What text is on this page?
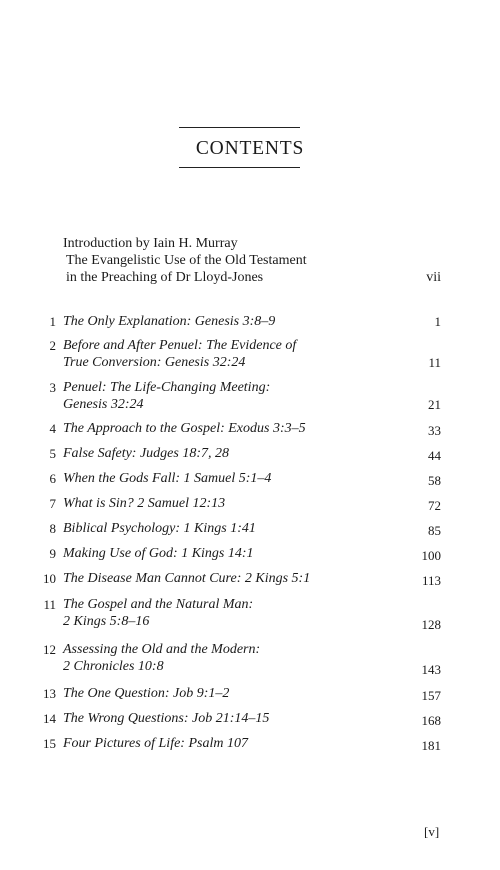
CONTENTS
Introduction by Iain H. Murray
The Evangelistic Use of the Old Testament
in the Preaching of Dr Lloyd-Jones	vii
1 The Only Explanation: Genesis 3:8–9	1
2 Before and After Penuel: The Evidence of
True Conversion: Genesis 32:24	11
3 Penuel: The Life-Changing Meeting:
Genesis 32:24	21
4 The Approach to the Gospel: Exodus 3:3–5	33
5 False Safety: Judges 18:7, 28	44
6 When the Gods Fall: 1 Samuel 5:1–4	58
7 What is Sin? 2 Samuel 12:13	72
8 Biblical Psychology: 1 Kings 1:41	85
9 Making Use of God: 1 Kings 14:1	100
10 The Disease Man Cannot Cure: 2 Kings 5:1	113
11 The Gospel and the Natural Man:
2 Kings 5:8–16	128
12 Assessing the Old and the Modern:
2 Chronicles 10:8	143
13 The One Question: Job 9:1–2	157
14 The Wrong Questions: Job 21:14–15	168
15 Four Pictures of Life: Psalm 107	181
[v]
